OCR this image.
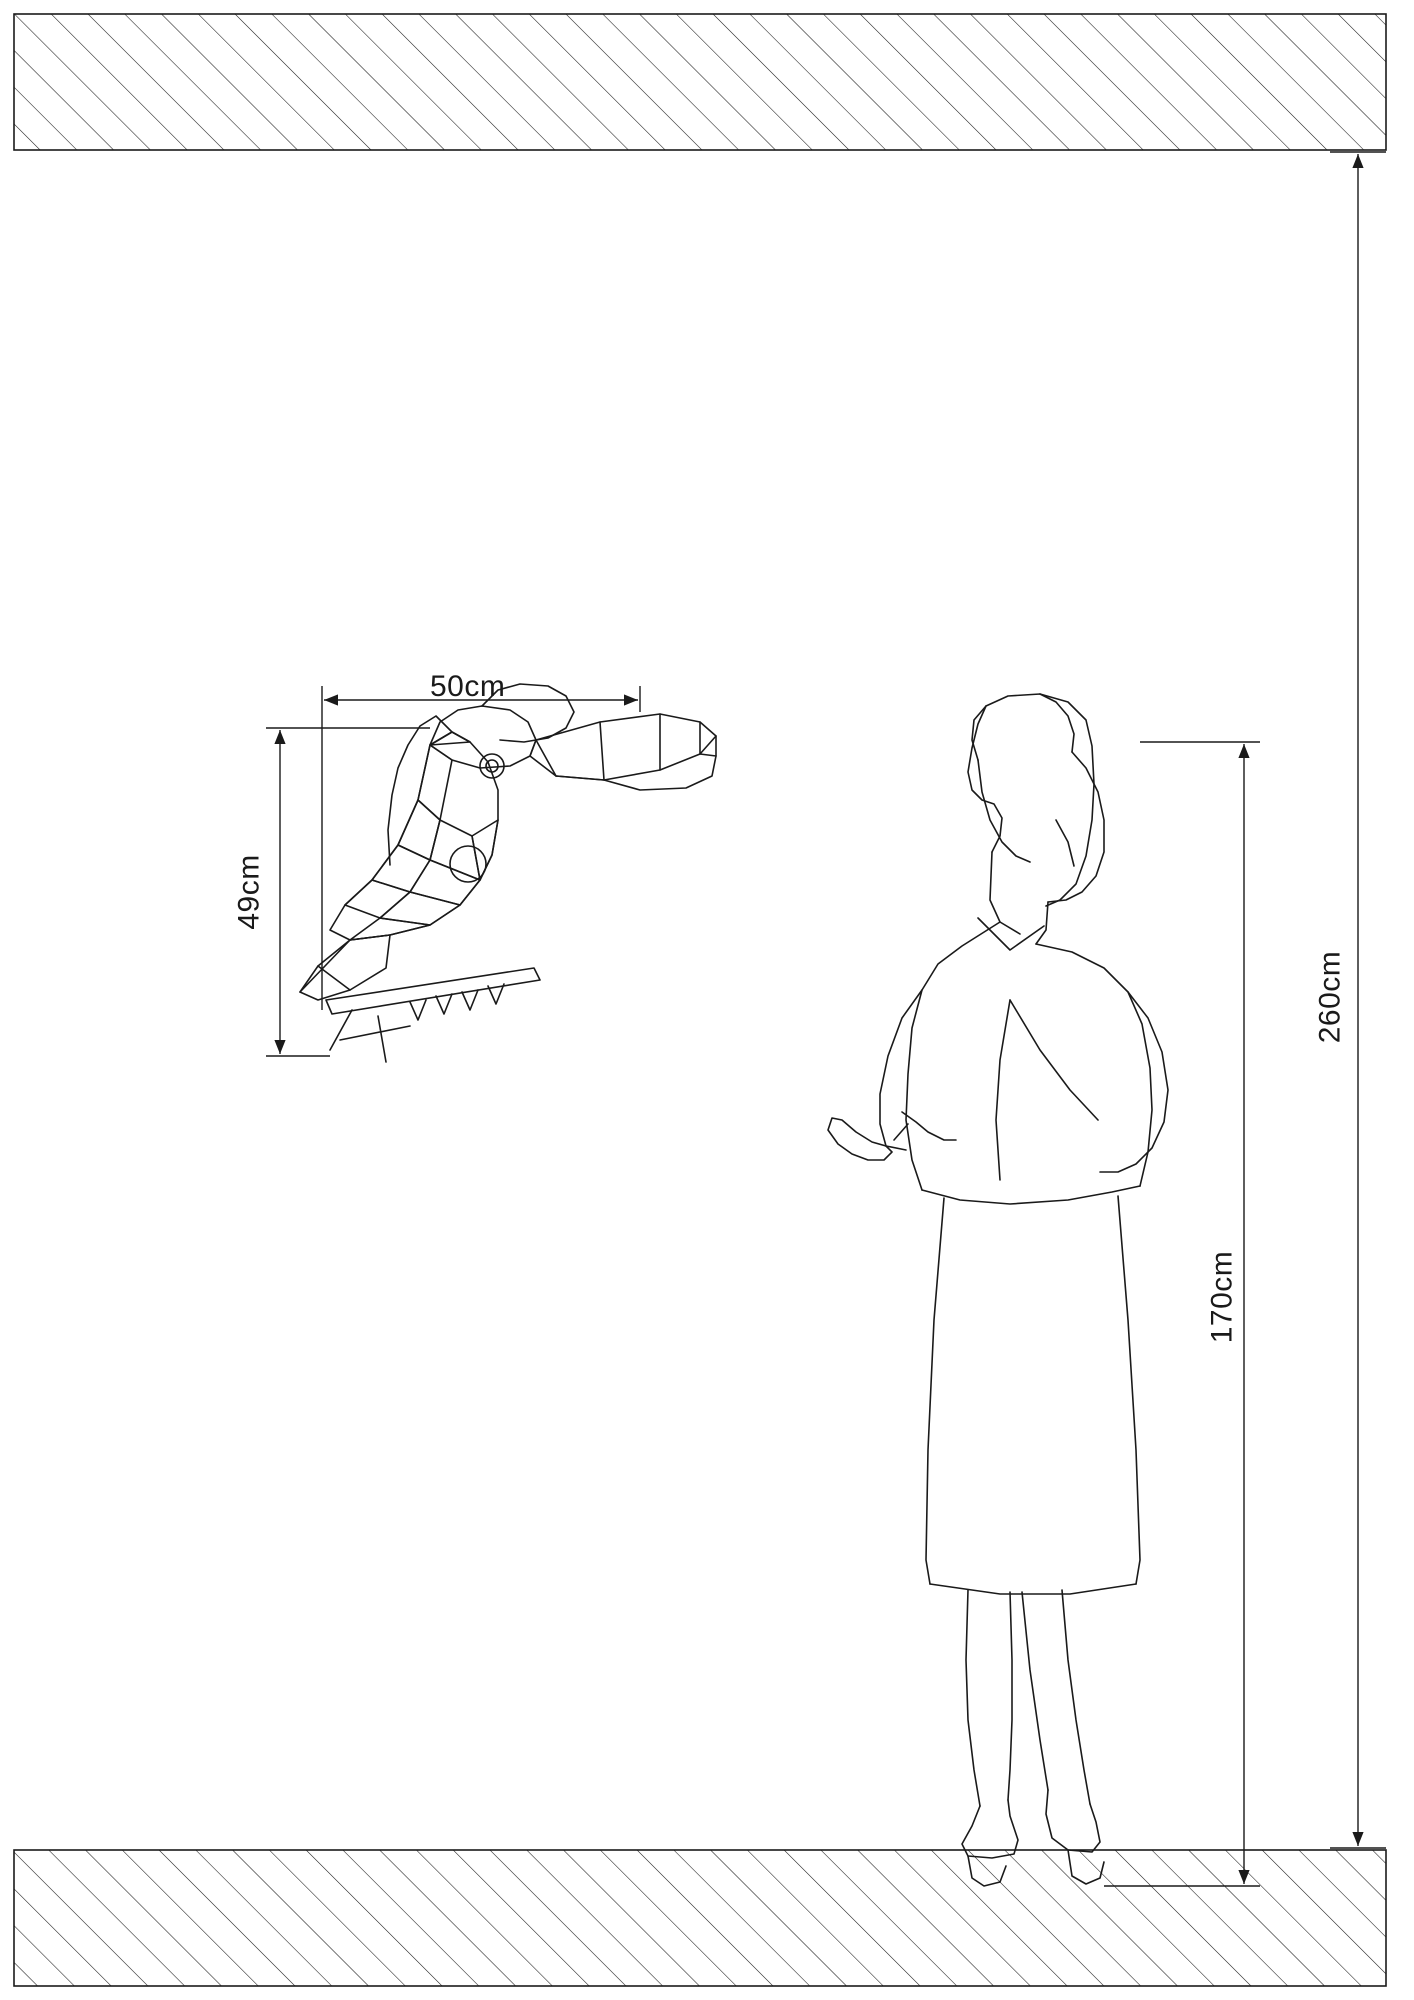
50cm
49cm
170cm
260cm
